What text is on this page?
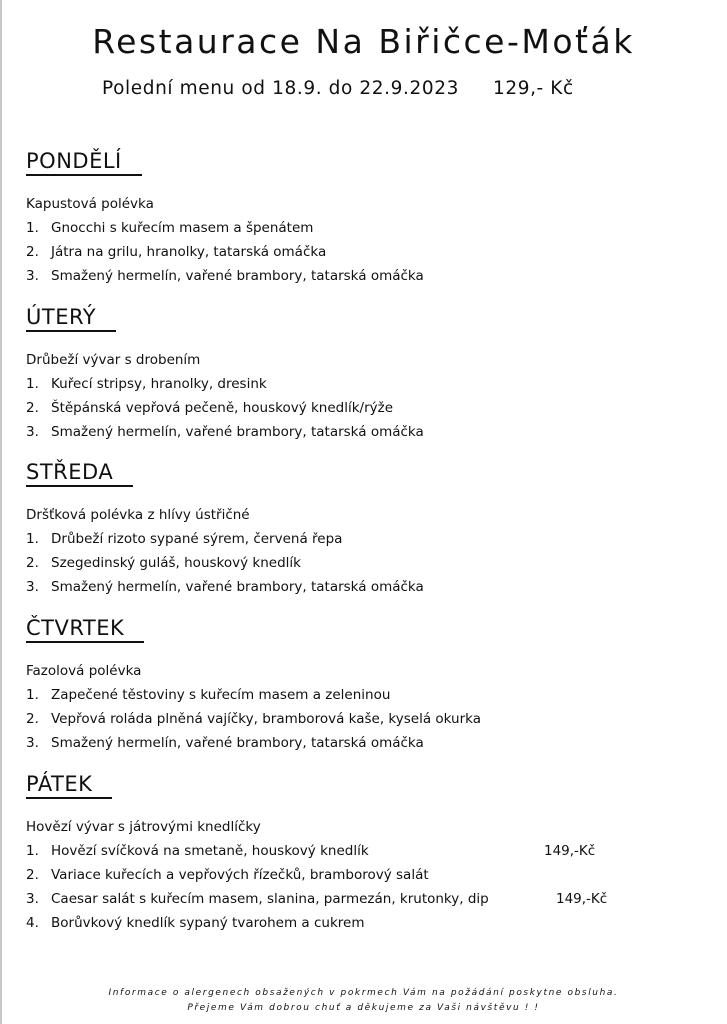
Restaurace Na Biřičce-Moťák
Polední menu od 18.9. do 22.9.2023 129,- Kč
PONDĚLÍ
Kapustová polévka
1. Gnocchi s kuřecím masem a špenátem
2. Játra na grilu, hranolky, tatarská omáčka
3. Smažený hermelín, vařené brambory, tatarská omáčka
ÚTERÝ
Drůbeží vývar s drobením
1. Kuřecí stripsy, hranolky, dresink
2. Štěpánská vepřová pečeně, houskový knedlík/rýže
3. Smažený hermelín, vařené brambory, tatarská omáčka
STŘEDA
Dršťková polévka z hlívy ústřičné
1. Drůbeží rizoto sypané sýrem, červená řepa
2. Szegedinský guláš, houskový knedlík
3. Smažený hermelín, vařené brambory, tatarská omáčka
ČTVRTEK
Fazolová polévka
1. Zapečené těstoviny s kuřecím masem a zeleninou
2. Vepřová roláda plněná vajíčky, bramborová kaše, kyselá okurka
3. Smažený hermelín, vařené brambory, tatarská omáčka
PÁTEK
Hovězí vývar s játrovými knedlíčky
1. Hovězí svíčková na smetaně, houskový knedlík	149,-Kč
2. Variace kuřecích a vepřových řízečků, bramborový salát
3. Caesar salát s kuřecím masem, slanina, parmezán, krutonky, dip	149,-Kč
4. Borůvkový knedlík sypaný tvarohem a cukrem
Informace o alergenech obsažených v pokrmech Vám na požádání poskytne obsluha.
Přejeme Vám dobrou chuť a děkujeme za Vaši návštěvu ! !
